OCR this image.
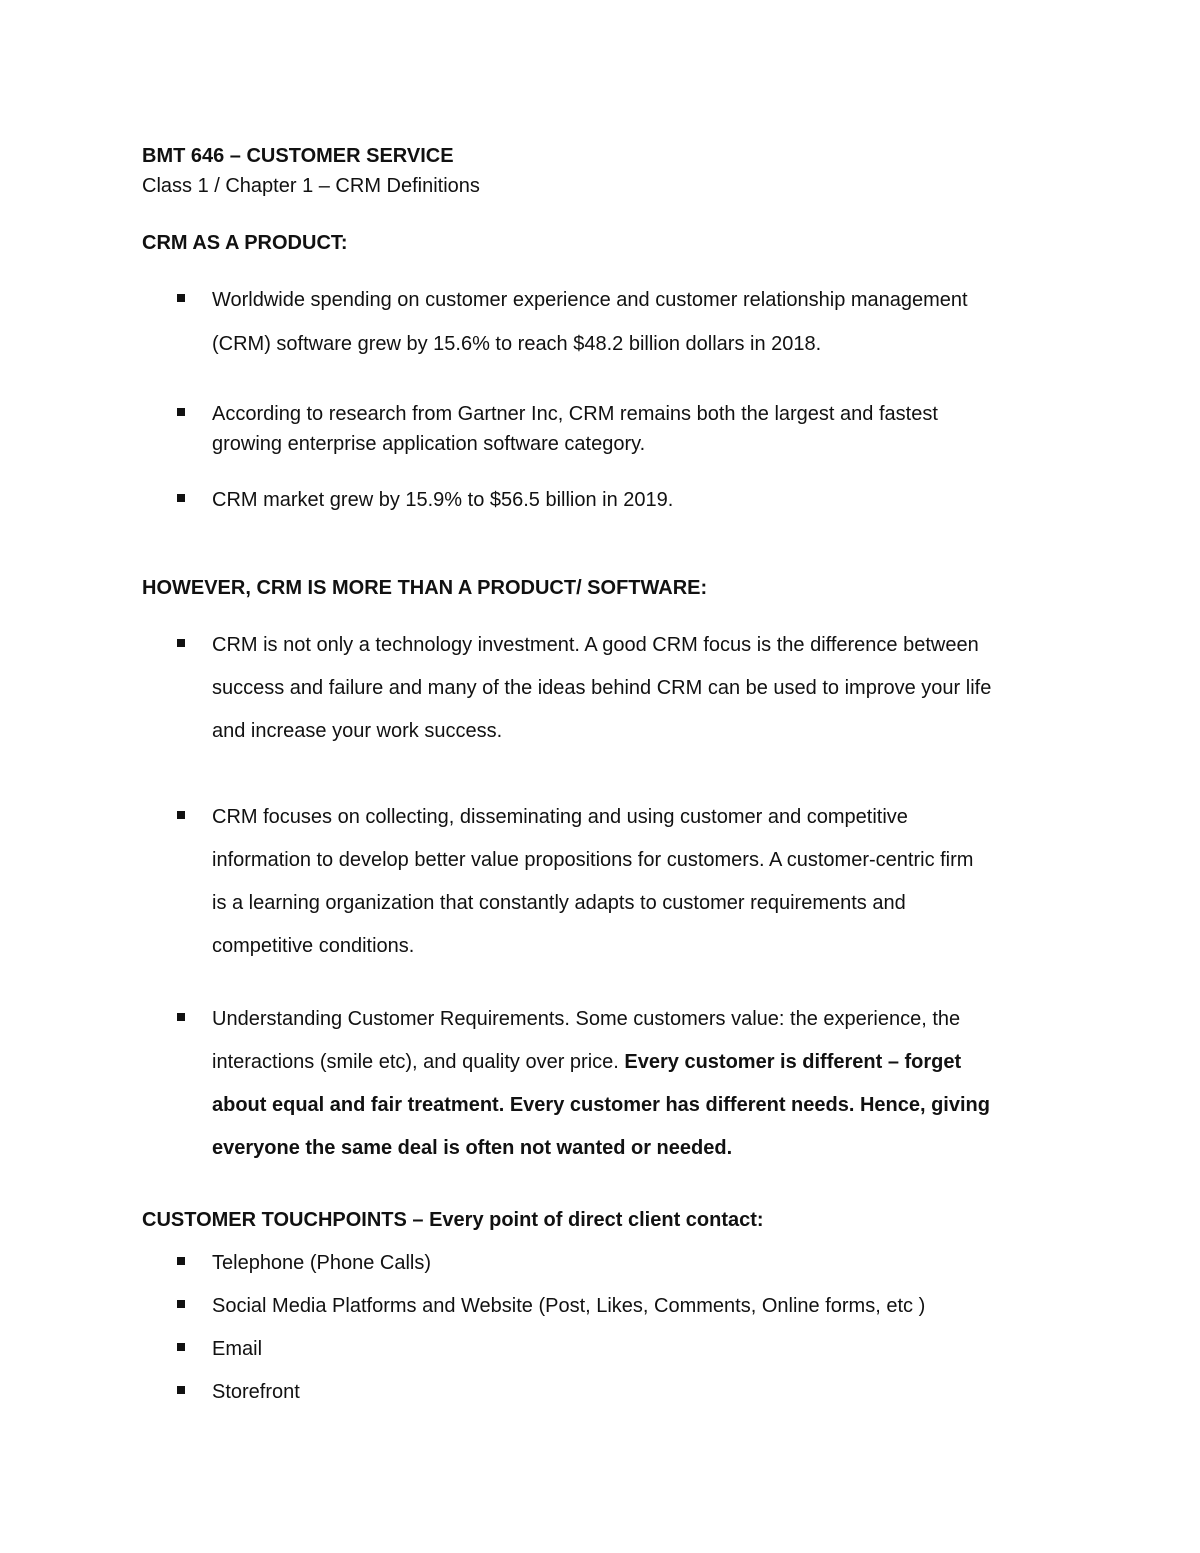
BMT 646 – CUSTOMER SERVICE
Class 1 / Chapter 1 – CRM Definitions
CRM AS A PRODUCT:
Worldwide spending on customer experience and customer relationship management
(CRM) software grew by 15.6% to reach $48.2 billion dollars in 2018.
According to research from Gartner Inc, CRM remains both the largest and fastest
growing enterprise application software category.
CRM market grew by 15.9% to $56.5 billion in 2019.
HOWEVER, CRM IS MORE THAN A PRODUCT/ SOFTWARE:
CRM is not only a technology investment. A good CRM focus is the difference between
success and failure and many of the ideas behind CRM can be used to improve your life
and increase your work success.
CRM focuses on collecting, disseminating and using customer and competitive
information to develop better value propositions for customers. A customer-centric firm
is a learning organization that constantly adapts to customer requirements and
competitive conditions.
Understanding Customer Requirements. Some customers value: the experience, the
interactions (smile etc), and quality over price. Every customer is different – forget
about equal and fair treatment. Every customer has different needs. Hence, giving
everyone the same deal is often not wanted or needed.
CUSTOMER TOUCHPOINTS – Every point of direct client contact:
Telephone (Phone Calls)
Social Media Platforms and Website (Post, Likes, Comments, Online forms, etc )
Email
Storefront
